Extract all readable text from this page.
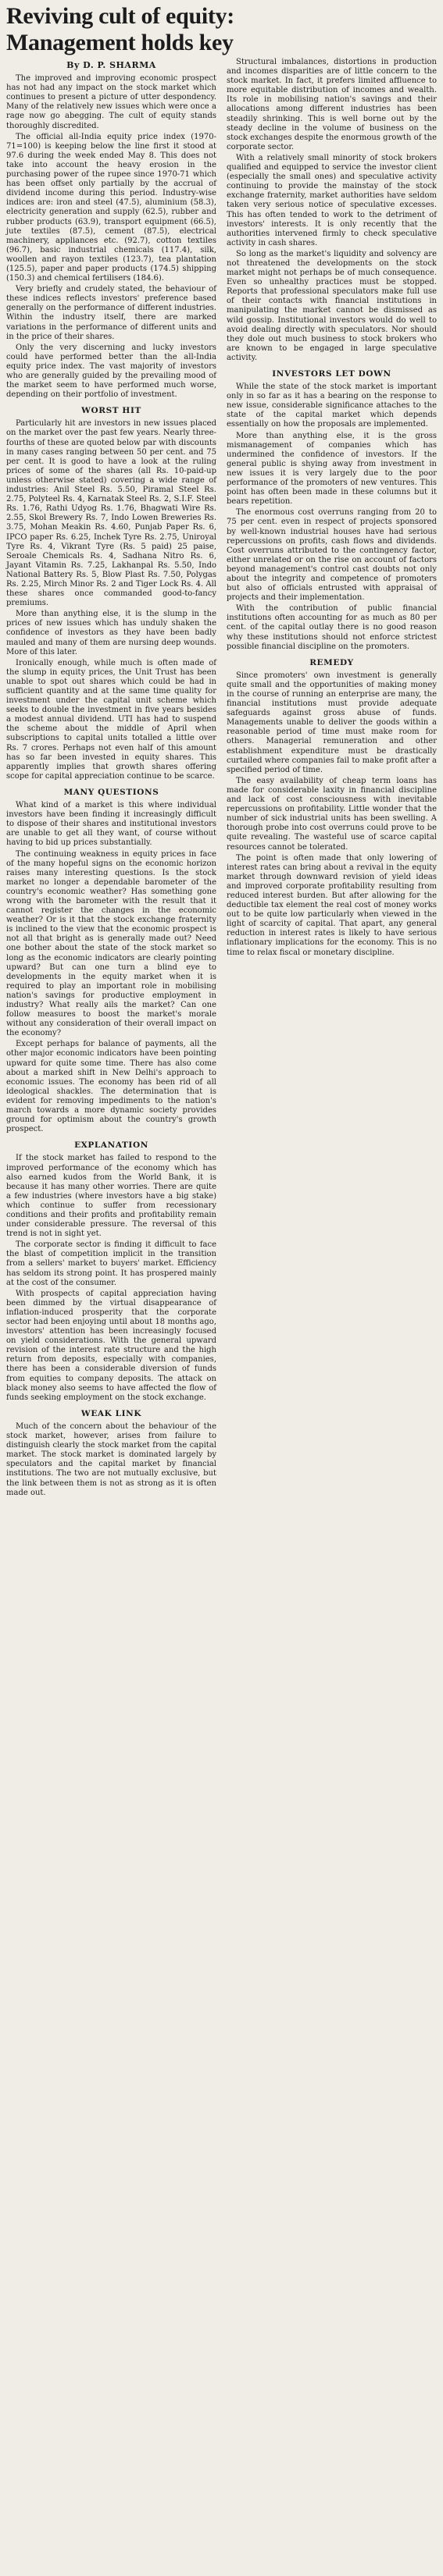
Reviving cult of equity:
Management holds key
By D. P. SHARMA

The improved and improving economic prospect has not had any impact on the stock market which continues to present a picture of utter despondency. Many of the relatively new issues which were once a rage now go abegging. The cult of equity stands thoroughly discredited.

The official all-India equity price index (1970-71=100) is keeping below the line first it stood at 97.6 during the week ended May 8. This does not take into account the heavy erosion in the purchasing power of the rupee since 1970-71 which has been offset only partially by the accrual of dividend income during this period. Industry-wise indices are: iron and steel (47.5), aluminium (58.3), electricity generation and supply (62.5), rubber and rubber products (63.9), transport equipment (66.5), jute textiles (87.5), cement (87.5), electrical machinery, appliances etc. (92.7), cotton textiles (96.7), basic industrial chemicals (117.4), silk, woollen and rayon textiles (123.7), tea plantation (125.5), paper and paper products (174.5) shipping (150.3) and chemical fertilisers (184.6).

Very briefly and crudely stated, the behaviour of these indices reflects investors' preference based generally on the performance of different industries. Within the industry itself, there are marked variations in the performance of different units and in the price of their shares.

Only the very discerning and lucky investors could have performed better than the all-India equity price index. The vast majority of investors who are generally guided by the prevailing mood of the market seem to have performed much worse, depending on their portfolio of investment.

WORST HIT

Particularly hit are investors in new issues placed on the market over the past few years. Nearly three-fourths of these are quoted below par with discounts in many cases ranging between 50 per cent. and 75 per cent. It is good to have a look at the ruling prices of some of the shares (all Rs. 10-paid-up unless otherwise stated) covering a wide range of industries: Anil Steel Rs. 5.50, Piramal Steel Rs. 2.75, Polyteel Rs. 4, Karnatak Steel Rs. 2, S.I.F. Steel Rs. 1.76, Rathi Udyog Rs. 1.76, Bhagwati Wire Rs. 2.55, Skol Brewery Rs. 7, Indo Lowen Breweries Rs. 3.75, Mohan Meakin Rs. 4.60, Punjab Paper Rs. 6, IPCO paper Rs. 6.25, Inchek Tyre Rs. 2.75, Uniroyal Tyre Rs. 4, Vikrant Tyre (Rs. 5 paid) 25 paise, Seroale Chemicals Rs. 4, Sadhana Nitro Rs. 6, Jayant Vitamin Rs. 7.25, Lakhanpal Rs. 5.50, Indo National Battery Rs. 5, Blow Plast Rs. 7.50, Polygas Rs. 2.25, Mirch Minor Rs. 2 and Tiger Lock Rs. 4. All these shares once commanded good-to-fancy premiums.

More than anything else, it is the slump in the prices of new issues which has unduly shaken the confidence of investors as they have been badly mauled and many of them are nursing deep wounds. More of this later.

Ironically enough, while much is often made of the slump in equity prices, the Unit Trust has been unable to spot out shares which could be had in sufficient quantity and at the same time quality for investment under the capital unit scheme which seeks to double the investment in five years besides a modest annual dividend. UTI has had to suspend the scheme about the middle of April when subscriptions to capital units totalled a little over Rs. 7 crores. Perhaps not even half of this amount has so far been invested in equity shares. This apparently implies that growth shares offering scope for capital appreciation continue to be scarce.

MANY QUESTIONS

What kind of a market is this where individual investors have been finding it increasingly difficult to dispose of their shares and institutional investors are unable to get all they want, of course without having to bid up prices substantially.

The continuing weakness in equity prices in face of the many hopeful signs on the economic horizon raises many interesting questions. Is the stock market no longer a dependable barometer of the country's economic weather? Has something gone wrong with the barometer with the result that it cannot register the changes in the economic weather? Or is it that the stock exchange fraternity is inclined to the view that the economic prospect is not all that bright as is generally made out? Need one bother about the state of the stock market so long as the economic indicators are clearly pointing upward? But can one turn a blind eye to developments in the equity market when it is required to play an important role in mobilising nation's savings for productive employment in industry? What really ails the market? Can one follow measures to boost the market's morale without any consideration of their overall impact on the economy?

Except perhaps for balance of payments, all the other major economic indicators have been pointing upward for quite some time. There has also come about a marked shift in New Delhi's approach to economic issues. The economy has been rid of all ideological shackles. The determination that is evident for removing impediments to the nation's march towards a more dynamic society provides ground for optimism about the country's growth prospect.

EXPLANATION

If the stock market has failed to respond to the improved performance of the economy which has also earned kudos from the World Bank, it is because it has many other worries. There are quite a few industries (where investors have a big stake) which continue to suffer from recessionary conditions and their profits and profitability remain under considerable pressure. The reversal of this trend is not in sight yet.

The corporate sector is finding it difficult to face the blast of competition implicit in the transition from a sellers' market to buyers' market. Efficiency has seldom its strong point. It has prospered mainly at the cost of the consumer.

With prospects of capital appreciation having been dimmed by the virtual disappearance of inflation-induced prosperity that the corporate sector had been enjoying until about 18 months ago, investors' attention has been increasingly focused on yield considerations. With the general upward revision of the interest rate structure and the high return from deposits, especially with companies, there has been a considerable diversion of funds from equities to company deposits. The attack on black money also seems to have affected the flow of funds seeking employment on the stock exchange.

WEAK LINK

Much of the concern about the behaviour of the stock market, however, arises from failure to distinguish clearly the stock market from the capital market. The stock market is dominated largely by speculators and the capital market by financial institutions. The two are not mutually exclusive, but the link between them is not as strong as it is often made out.

Structural imbalances, distortions in production and incomes disparities are of little concern to the stock market. In fact, it prefers limited affluence to more equitable distribution of incomes and wealth. Its role in mobilising nation's savings and their allocations among different industries has been steadily shrinking. This is well borne out by the steady decline in the volume of business on the stock exchanges despite the enormous growth of the corporate sector.

With a relatively small minority of stock brokers qualified and equipped to service the investor client (especially the small ones) and speculative activity continuing to provide the mainstay of the stock exchange fraternity, market authorities have seldom taken very serious notice of speculative excesses. This has often tended to work to the detriment of investors' interests. It is only recently that the authorities intervened firmly to check speculative activity in cash shares.

So long as the market's liquidity and solvency are not threatened the developments on the stock market might not perhaps be of much consequence. Even so unhealthy practices must be stopped. Reports that professional speculators make full use of their contacts with financial institutions in manipulating the market cannot be dismissed as wild gossip. Institutional investors would do well to avoid dealing directly with speculators. Nor should they dole out much business to stock brokers who are known to be engaged in large speculative activity.

INVESTORS LET DOWN

While the state of the stock market is important only in so far as it has a bearing on the response to new issue, considerable significance attaches to the state of the capital market which depends essentially on how the proposals are implemented.

More than anything else, it is the gross mismanagement of companies which has undermined the confidence of investors. If the general public is shying away from investment in new issues it is very largely due to the poor performance of the promoters of new ventures. This point has often been made in these columns but it bears repetition.

The enormous cost overruns ranging from 20 to 75 per cent. even in respect of projects sponsored by well-known industrial houses have had serious repercussions on profits, cash flows and dividends. Cost overruns attributed to the contingency factor, either unrelated or on the rise on account of factors beyond management's control cast doubts not only about the integrity and competence of promoters but also of officials entrusted with appraisal of projects and their implementation.

With the contribution of public financial institutions often accounting for as much as 80 per cent. of the capital outlay there is no good reason why these institutions should not enforce strictest possible financial discipline on the promoters.

REMEDY

Since promoters' own investment is generally quite small and the opportunities of making money in the course of running an enterprise are many, the financial institutions must provide adequate safeguards against gross abuse of funds. Managements unable to deliver the goods within a reasonable period of time must make room for others. Managerial remuneration and other establishment expenditure must be drastically curtailed where companies fail to make profit after a specified period of time.

The easy availability of cheap term loans has made for considerable laxity in financial discipline and lack of cost consciousness with inevitable repercussions on profitability. Little wonder that the number of sick industrial units has been swelling. A thorough probe into cost overruns could prove to be quite revealing. The wasteful use of scarce capital resources cannot be tolerated.

The point is often made that only lowering of interest rates can bring about a revival in the equity market through downward revision of yield ideas and improved corporate profitability resulting from reduced interest burden. But after allowing for the deductible tax element the real cost of money works out to be quite low particularly when viewed in the light of scarcity of capital. That apart, any general reduction in interest rates is likely to have serious inflationary implications for the economy. This is no time to relax fiscal or monetary discipline.
